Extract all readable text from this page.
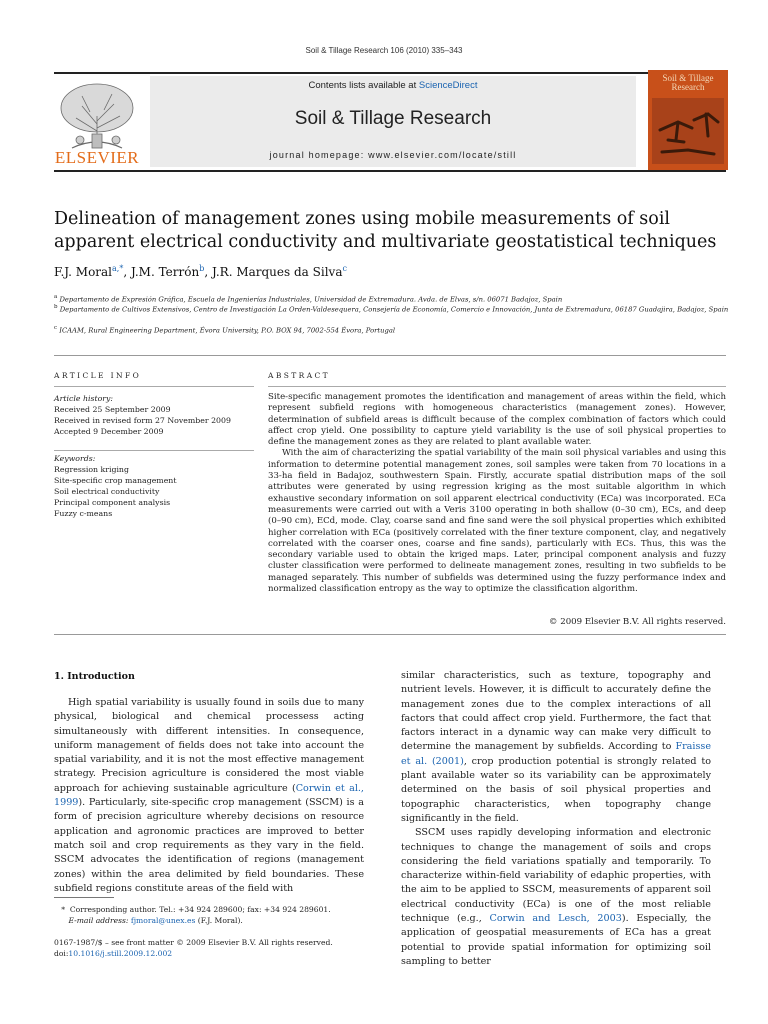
Soil & Tillage Research 106 (2010) 335–343
Contents lists available at ScienceDirect
Soil & Tillage Research
journal homepage: www.elsevier.com/locate/still
ELSEVIER
Soil & Tillage Research
Delineation of management zones using mobile measurements of soil apparent electrical conductivity and multivariate geostatistical techniques
F.J. Moral$^{a,*}$, J.M. Terrón$^b$, J.R. Marques da Silva$^c$
$^a$ Departamento de Expresión Gráfica, Escuela de Ingenierías Industriales, Universidad de Extremadura. Avda. de Elvas, s/n. 06071 Badajoz, Spain
$^b$ Departamento de Cultivos Extensivos, Centro de Investigación La Orden-Valdesequera, Consejería de Economía, Comercio e Innovación, Junta de Extremadura, 06187 Guadajira, Badajoz, Spain
$^c$ ICAAM, Rural Engineering Department, Évora University, P.O. BOX 94, 7002-554 Évora, Portugal
ARTICLE INFO
Article history:
Received 25 September 2009
Received in revised form 27 November 2009
Accepted 9 December 2009
Keywords:
Regression kriging
Site-specific crop management
Soil electrical conductivity
Principal component analysis
Fuzzy c-means
ABSTRACT

Site-specific management promotes the identification and management of areas within the field, which represent subfield regions with homogeneous characteristics (management zones). However, determination of subfield areas is difficult because of the complex combination of factors which could affect crop yield. One possibility to capture yield variability is the use of soil physical properties to define the management zones as they are related to plant available water.

With the aim of characterizing the spatial variability of the main soil physical variables and using this information to determine potential management zones, soil samples were taken from 70 locations in a 33-ha field in Badajoz, southwestern Spain. Firstly, accurate spatial distribution maps of the soil attributes were generated by using regression kriging as the most suitable algorithm in which exhaustive secondary information on soil apparent electrical conductivity (ECa) was incorporated. ECa measurements were carried out with a Veris 3100 operating in both shallow (0–30 cm), ECs, and deep (0–90 cm), ECd, mode. Clay, coarse sand and fine sand were the soil physical properties which exhibited higher correlation with ECa (positively correlated with the finer texture component, clay, and negatively correlated with the coarser ones, coarse and fine sands), particularly with ECs. Thus, this was the secondary variable used to obtain the kriged maps. Later, principal component analysis and fuzzy cluster classification were performed to delineate management zones, resulting in two subfields to be managed separately. This number of subfields was determined using the fuzzy performance index and normalized classification entropy as the way to optimize the classification algorithm.

© 2009 Elsevier B.V. All rights reserved.
1. Introduction

High spatial variability is usually found in soils due to many physical, biological and chemical processess acting simultaneously with different intensities. In consequence, uniform management of fields does not take into account the spatial variability, and it is not the most effective management strategy. Precision agriculture is considered the most viable approach for achieving sustainable agriculture (Corwin et al., 1999). Particularly, site-specific crop management (SSCM) is a form of precision agriculture whereby decisions on resource application and agronomic practices are improved to better match soil and crop requirements as they vary in the field. SSCM advocates the identification of regions (management zones) within the area delimited by field boundaries. These subfield regions constitute areas of the field with

similar characteristics, such as texture, topography and nutrient levels. However, it is difficult to accurately define the management zones due to the complex interactions of all factors that could affect crop yield. Furthermore, the fact that factors interact in a dynamic way can make very difficult to determine the management by subfields. According to Fraisse et al. (2001), crop production potential is strongly related to plant available water so its variability can be approximately determined on the basis of soil physical properties and topographic characteristics, when topography change significantly in the field.

SSCM uses rapidly developing information and electronic techniques to change the management of soils and crops considering the field variations spatially and temporarily. To characterize within-field variability of edaphic properties, with the aim to be applied to SSCM, measurements of apparent soil electrical conductivity (ECa) is one of the most reliable technique (e.g., Corwin and Lesch, 2003). Especially, the application of geospatial measurements of ECa has a great potential to provide spatial information for optimizing soil sampling to better

* Corresponding author. Tel.: +34 924 289600; fax: +34 924 289601.
E-mail address: fjmoral@unex.es (F.J. Moral).
0167-1987/$ – see front matter © 2009 Elsevier B.V. All rights reserved.
doi:10.1016/j.still.2009.12.002
